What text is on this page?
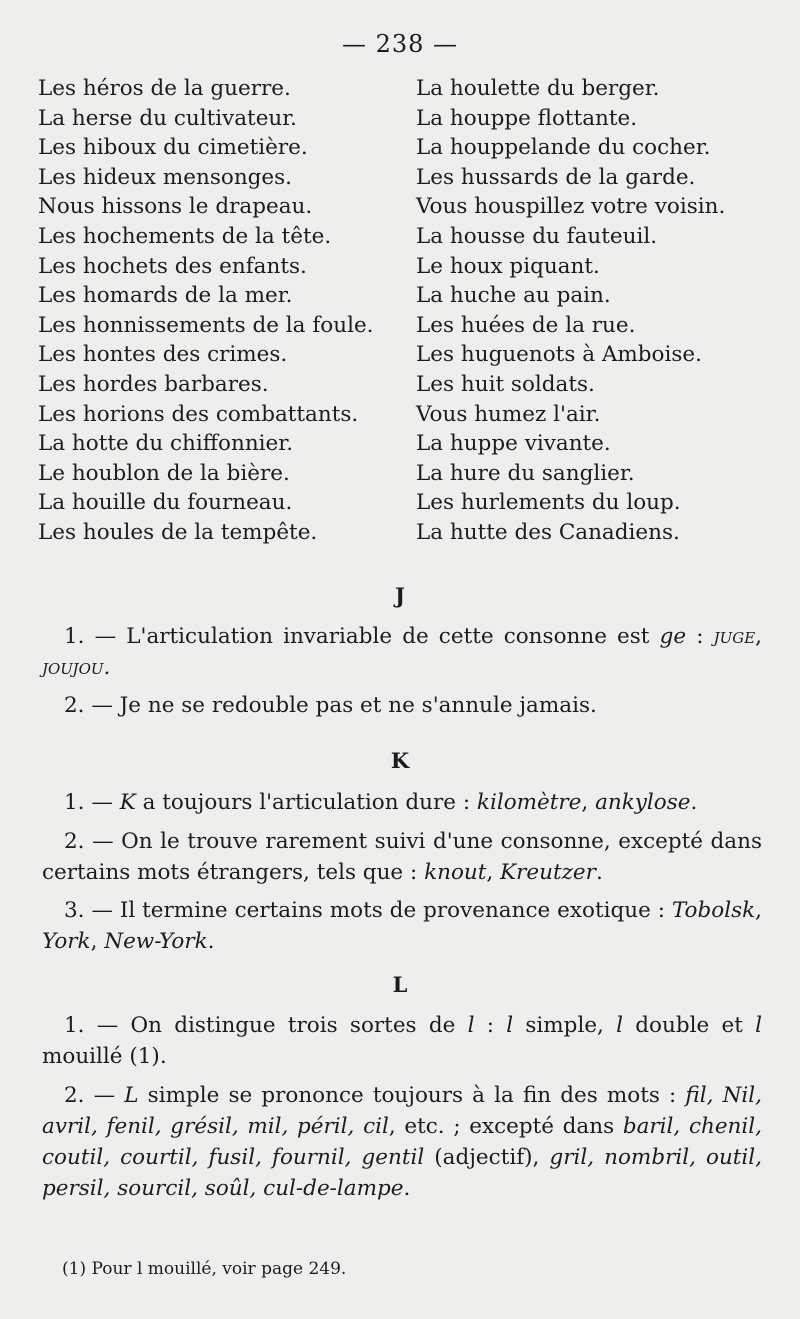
— 238 —
Les héros de la guerre.
La herse du cultivateur.
Les hiboux du cimetière.
Les hideux mensonges.
Nous hissons le drapeau.
Les hochements de la tête.
Les hochets des enfants.
Les homards de la mer.
Les honnissements de la foule.
Les hontes des crimes.
Les hordes barbares.
Les horions des combattants.
La hotte du chiffonnier.
Le houblon de la bière.
La houille du fourneau.
Les houles de la tempête.
La houlette du berger.
La houppe flottante.
La houppelande du cocher.
Les hussards de la garde.
Vous houspillez votre voisin.
La housse du fauteuil.
Le houx piquant.
La huche au pain.
Les huées de la rue.
Les huguenots à Amboise.
Les huit soldats.
Vous humez l'air.
La huppe vivante.
La hure du sanglier.
Les hurlements du loup.
La hutte des Canadiens.
J
1. — L'articulation invariable de cette consonne est ge : juge, joujou.
2. — Je ne se redouble pas et ne s'annule jamais.
K
1. — K a toujours l'articulation dure : kilomètre, ankylose.
2. — On le trouve rarement suivi d'une consonne, excepté dans certains mots étrangers, tels que : knout, Kreutzer.
3. — Il termine certains mots de provenance exotique : Tobolsk, York, New-York.
L
1. — On distingue trois sortes de l : l simple, l double et l mouillé (1).
2. — L simple se prononce toujours à la fin des mots : fil, Nil, avril, fenil, grésil, mil, péril, cil, etc. ; excepté dans baril, chenil, coutil, courtil, fusil, fournil, gentil (adjectif), gril, nombril, outil, persil, sourcil, soûl, cul-de-lampe.
(1) Pour l mouillé, voir page 249.
